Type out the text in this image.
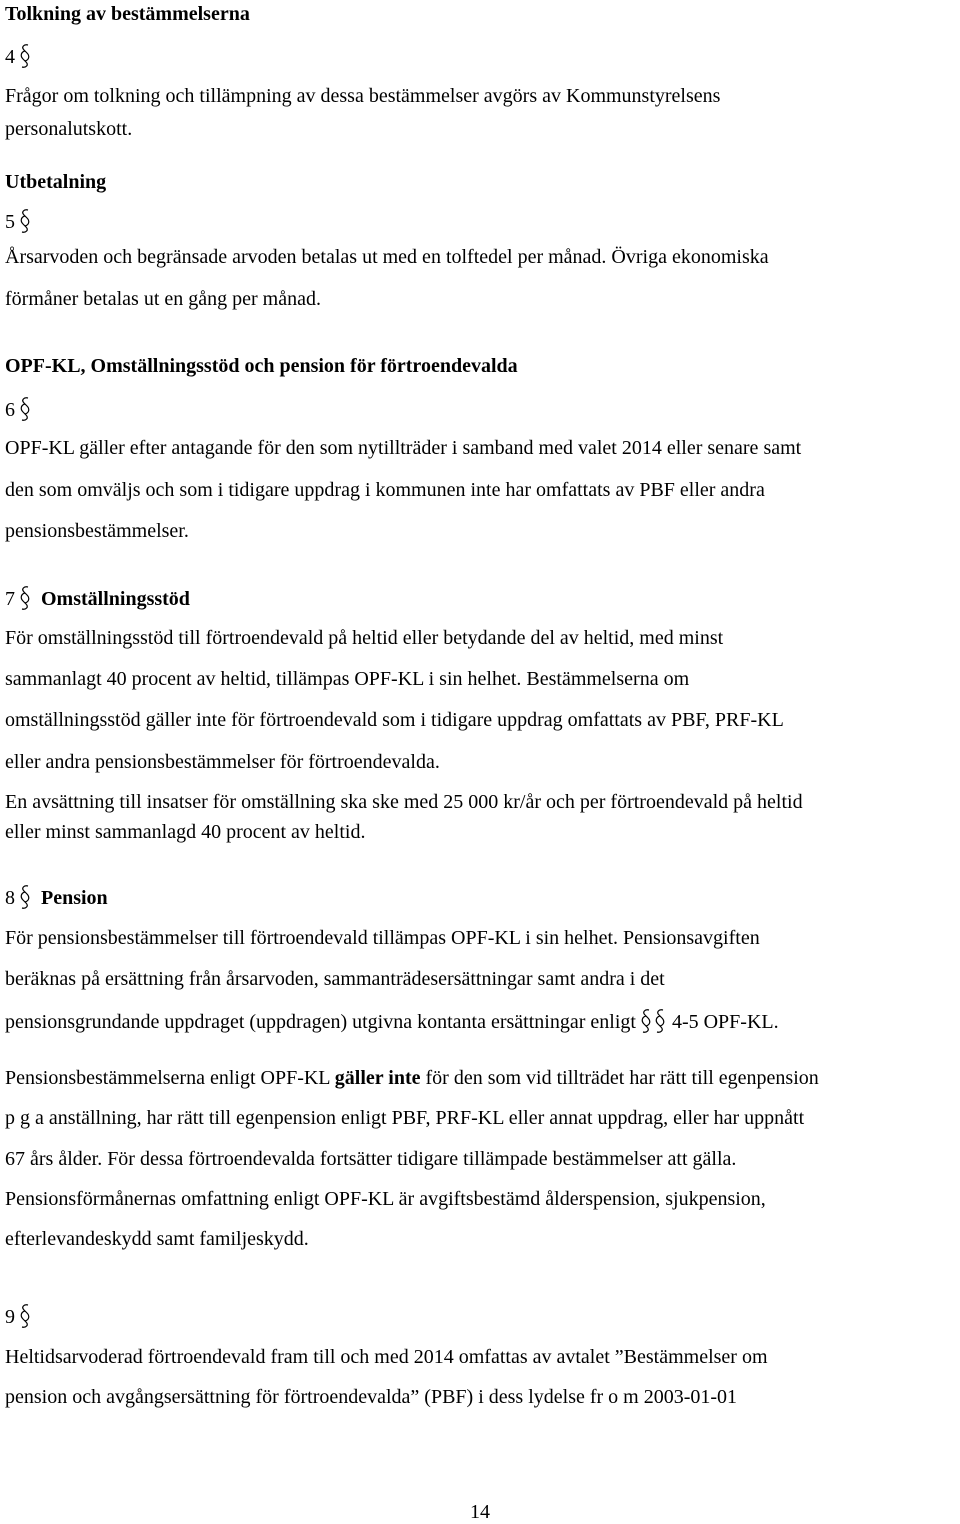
Tolkning av bestämmelserna
4
Frågor om tolkning och tillämpning av dessa bestämmelser avgörs av Kommunstyrelsens
personalutskott.
Utbetalning
5
Årsarvoden och begränsade arvoden betalas ut med en tolftedel per månad. Övriga ekonomiska
förmåner betalas ut en gång per månad.
OPF-KL, Omställningsstöd och pension för förtroendevalda
6
OPF-KL gäller efter antagande för den som nytillträder i samband med valet 2014 eller senare samt
den som omväljs och som i tidigare uppdrag i kommunen inte har omfattats av PBF eller andra
pensionsbestämmelser.
7 Omställningsstöd
För omställningsstöd till förtroendevald på heltid eller betydande del av heltid, med minst
sammanlagt 40 procent av heltid, tillämpas OPF-KL i sin helhet. Bestämmelserna om
omställningsstöd gäller inte för förtroendevald som i tidigare uppdrag omfattats av PBF, PRF-KL
eller andra pensionsbestämmelser för förtroendevalda.
En avsättning till insatser för omställning ska ske med 25 000 kr/år och per förtroendevald på heltid
eller minst sammanlagd 40 procent av heltid.
8 Pension
För pensionsbestämmelser till förtroendevald tillämpas OPF-KL i sin helhet. Pensionsavgiften
beräknas på ersättning från årsarvoden, sammanträdesersättningar samt andra i det
pensionsgrundande uppdraget (uppdragen) utgivna kontanta ersättningar enligt 4-5 OPF-KL.
Pensionsbestämmelserna enligt OPF-KL gäller inte för den som vid tillträdet har rätt till egenpension
p g a anställning, har rätt till egenpension enligt PBF, PRF-KL eller annat uppdrag, eller har uppnått
67 års ålder. För dessa förtroendevalda fortsätter tidigare tillämpade bestämmelser att gälla.
Pensionsförmånernas omfattning enligt OPF-KL är avgiftsbestämd ålderspension, sjukpension,
efterlevandeskydd samt familjeskydd.
9
Heltidsarvoderad förtroendevald fram till och med 2014 omfattas av avtalet ”Bestämmelser om
pension och avgångsersättning för förtroendevalda” (PBF) i dess lydelse fr o m 2003-01-01
14
